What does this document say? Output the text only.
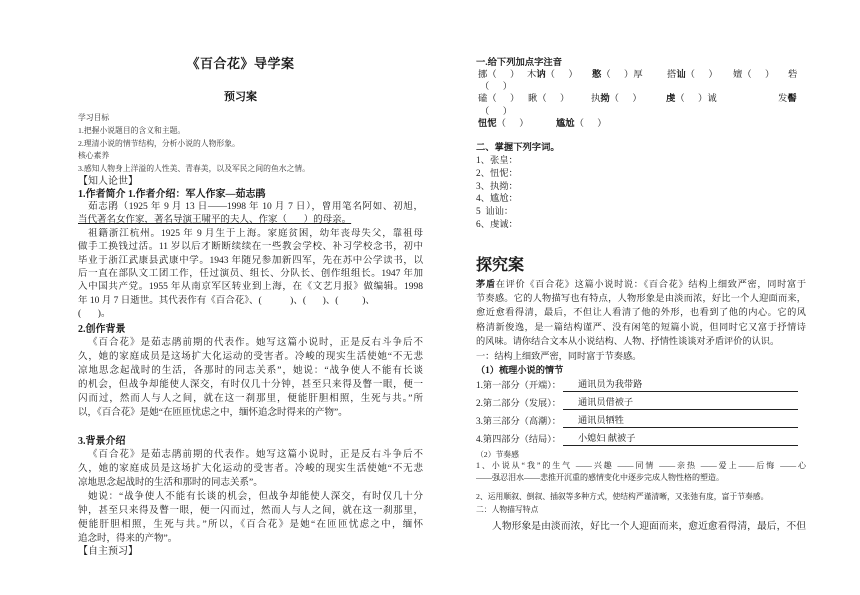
《百合花》导学案
预习案
学习目标
1.把握小说题目的含义和主题。
2.理清小说的情节结构，分析小说的人物形象。
核心素养
3.感知人物身上洋溢的人性美、青春美，以及军民之间的鱼水之情。
【知人论世】
1.作者简介 1.作者介绍：军人作家—茹志鹃
茹志鹃（1925 年 9 月 13 日——1998 年 10 月 7 日），曾用笔名阿如、初旭，
当代著名女作家，著名导演王啸平的夫人、作家（       ）的母亲。
祖籍浙江杭州。1925 年 9 月生于上海。家庭贫困，幼年丧母失父，靠祖母
做手工换钱过活。11 岁以后才断断续续在一些教会学校、补习学校念书，初中
毕业于浙江武康县武康中学。1943 年随兄参加新四军，先在苏中公学读书，以
后一直在部队文工团工作，任过演员、组长、分队长、创作组组长。1947 年加
入中国共产党。1955 年从南京军区转业到上海，在《文艺月报》做编辑。1998
年 10 月 7 日逝世。其代表作有《百合花》、(            )、(       )、(          )、
(       )。
2.创作背景
《百合花》是茹志鹃前期的代表作。她写这篇小说时，正是反右斗争后不
久，她的家庭成员是这场扩大化运动的受害者。冷峻的现实生活使她“不无悲
凉地思念起战时的生活，各那时的同志关系”，她说：“战争使人不能有长谈
的机会，但战争却能使人深交，有时仅几十分钟，甚至只来得及瞥一眼，便一
闪而过，然而人与人之间，就在这一刹那里，便能肝胆相照，生死与共。”所
以，《百合花》是她“在匝匝忧虑之中，缅怀追念时得来的产物”。
3.背景介绍
《百合花》是茹志鹃前期的代表作。她写这篇小说时，正是反右斗争后不
久，她的家庭成员是这场扩大化运动的受害者。冷峻的现实生活使她“不无悲
凉地思念起战时的生活和那时的同志关系”。
她说：“战争使人不能有长谈的机会，但战争却能使人深交，有时仅几十分
钟，甚至只来得及瞥一眼，便一闪而过，然而人与人之间，就在这一刹那里，
便能肝胆相照，生死与共。”所以，《百合花》是她“在匝匝忧虑之中，缅怀
追念时，得来的产物”。
【自主预习】
一.给下列加点字注音
挪（ ） 木讷（ ） 憨（ ）厚	搭讪（ ） 嬗（ ） 砦
（ ）
磕（ ） 瞅（ ） 执拗（ ）	虔（ ）诚	发髻
（ ）
忸怩（ ）	尴尬（ ）
二、掌握下列字词。
1、张皇：
2、忸怩：
3、执拗：
4、尴尬：
5  讪讪：
6、虔诚：
探究案
茅盾在评价《百合花》这篇小说时说：《百合花》结构上细致严密，同时富于
节奏感。它的人物描写也有特点，人物形象是由淡而浓，好比一个人迎面而来，
愈近愈看得清，最后，不但让人看清了他的外形，也看到了他的内心。它的风
格清新俊逸，是一篇结构谨严、没有闲笔的短篇小说，但同时它又富于抒情诗
的风味。请你结合文本从小说结构、人物、抒情性谈谈对矛盾评价的认识。
一：结构上细致严密，同时富于节奏感。
（1）梳理小说的情节
1.第一部分（开端）：	通讯员为我带路
2.第二部分（发展）：	通讯员借被子
3.第三部分（高潮）：	通讯员牺牲
4.第四部分（结局）：	小媳妇 献被子
（2）节奏感
1、小说从“我”的生气 ——兴趣 ——同情 ——亲热 ——爱上——后悔 ——心
——强忍泪水——悲推开沉重的感情变化中逐步完成人物性格的塑造。
2、运用顺叙、倒叙、插叙等多种方式，使结构严谨清晰，又张弛有度，富于节奏感。
二：人物描写特点
人物形象是由淡而浓，好比一个人迎面而来，愈近愈看得清，最后，不但
